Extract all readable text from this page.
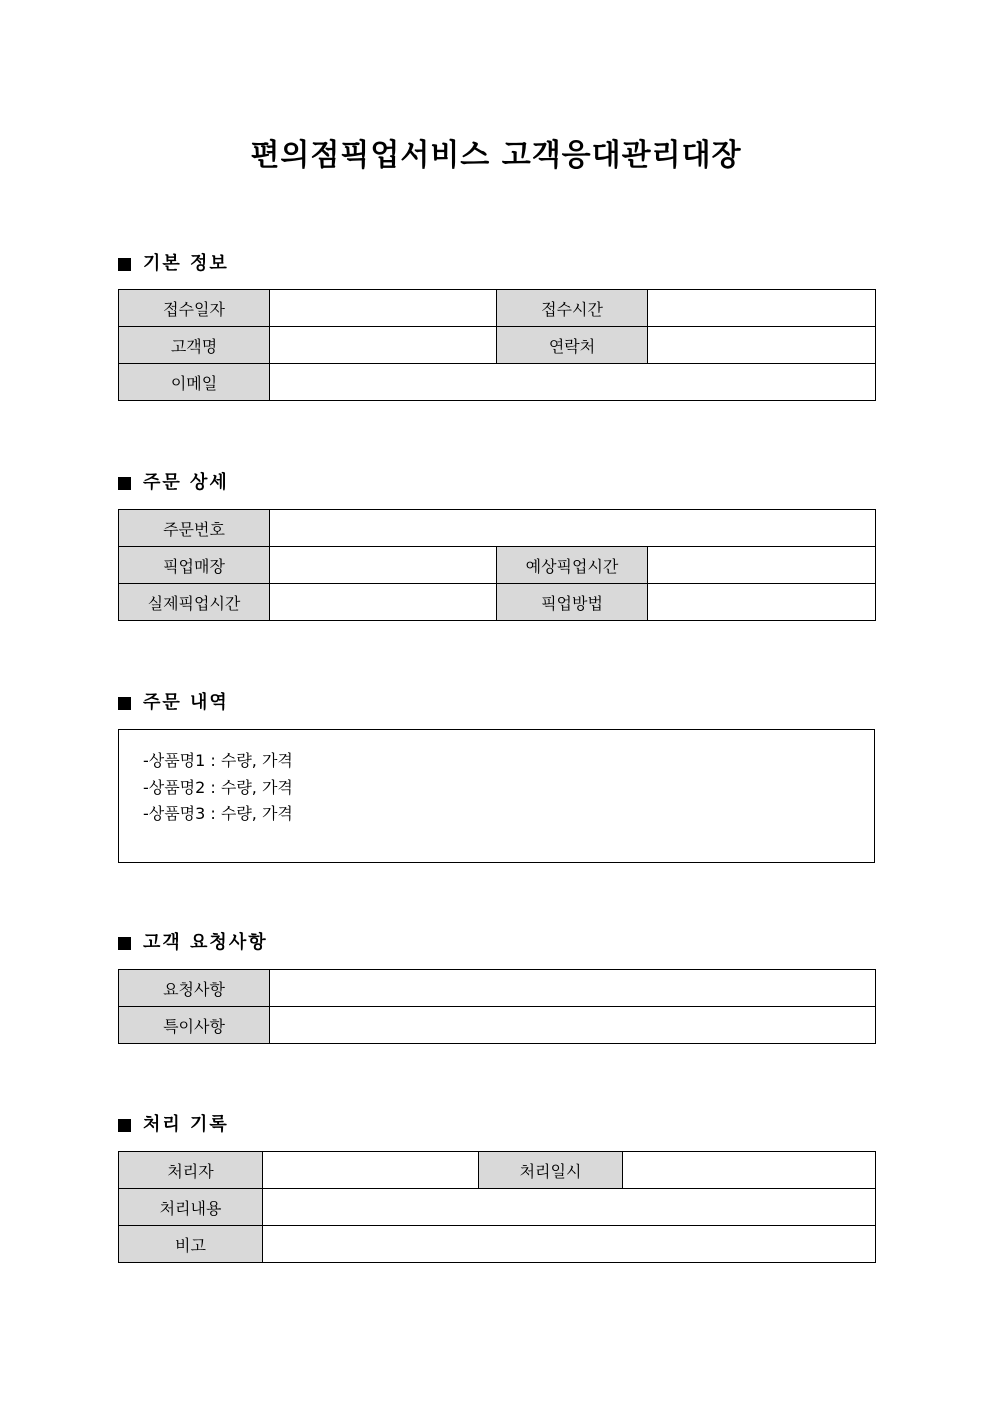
편의점픽업서비스 고객응대관리대장
기본 정보
접수일자		접수시간	
고객명		연락처	
이메일			
주문 상세
주문번호			
픽업매장		예상픽업시간	
실제픽업시간		픽업방법	
주문 내역
-상품명1 : 수량, 가격
-상품명2 : 수량, 가격
-상품명3 : 수량, 가격
고객 요청사항
요청사항	
특이사항	
처리 기록
처리자		처리일시	
처리내용			
비고			
